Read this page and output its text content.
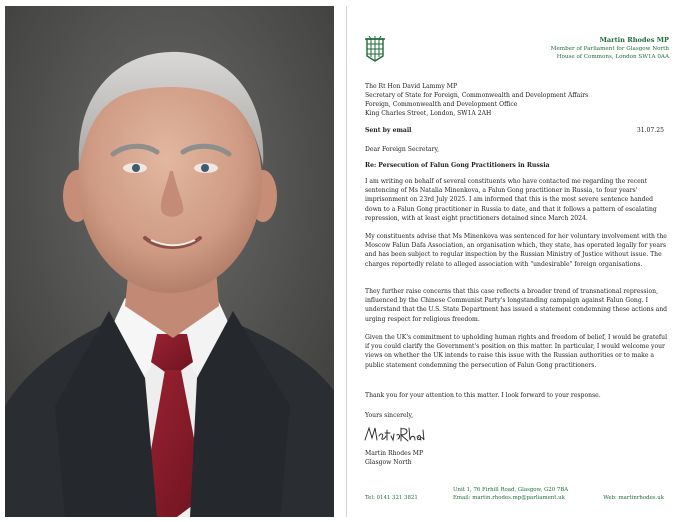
Martin Rhodes MP
Member of Parliament for Glasgow North
House of Commons, London SW1A 0AA
The Rt Hon David Lammy MP
Secretary of State for Foreign, Commonwealth and Development Affairs
Foreign, Commonwealth and Development Office
King Charles Street, London, SW1A 2AH
Sent by email	31.07.25
Dear Foreign Secretary,
Re: Persecution of Falun Gong Practitioners in Russia
I am writing on behalf of several constituents who have contacted me regarding the recent sentencing of Ms Natalia Minenkova, a Falun Gong practitioner in Russia, to four years' imprisonment on 23rd July 2025. I am informed that this is the most severe sentence handed down to a Falun Gong practitioner in Russia to date, and that it follows a pattern of escalating repression, with at least eight practitioners detained since March 2024.
My constituents advise that Ms Minenkova was sentenced for her voluntary involvement with the Moscow Falun Dafa Association, an organisation which, they state, has operated legally for years and has been subject to regular inspection by the Russian Ministry of Justice without issue. The charges reportedly relate to alleged association with "undesirable" foreign organisations.
They further raise concerns that this case reflects a broader trend of transnational repression, influenced by the Chinese Communist Party's longstanding campaign against Falun Gong. I understand that the U.S. State Department has issued a statement condemning these actions and urging respect for religious freedom.
Given the UK's commitment to upholding human rights and freedom of belief, I would be grateful if you could clarify the Government's position on this matter. In particular, I would welcome your views on whether the UK intends to raise this issue with the Russian authorities or to make a public statement condemning the persecution of Falun Gong practitioners.
Thank you for your attention to this matter. I look forward to your response.
Yours sincerely,
Martin Rhodes MP
Glasgow North
Tel: 0141 321 3821
Unit 1, 76 Firhill Road, Glasgow, G20 7BA
Email: martin.rhodes.mp@parliament.uk	Web: martinrhodes.uk
